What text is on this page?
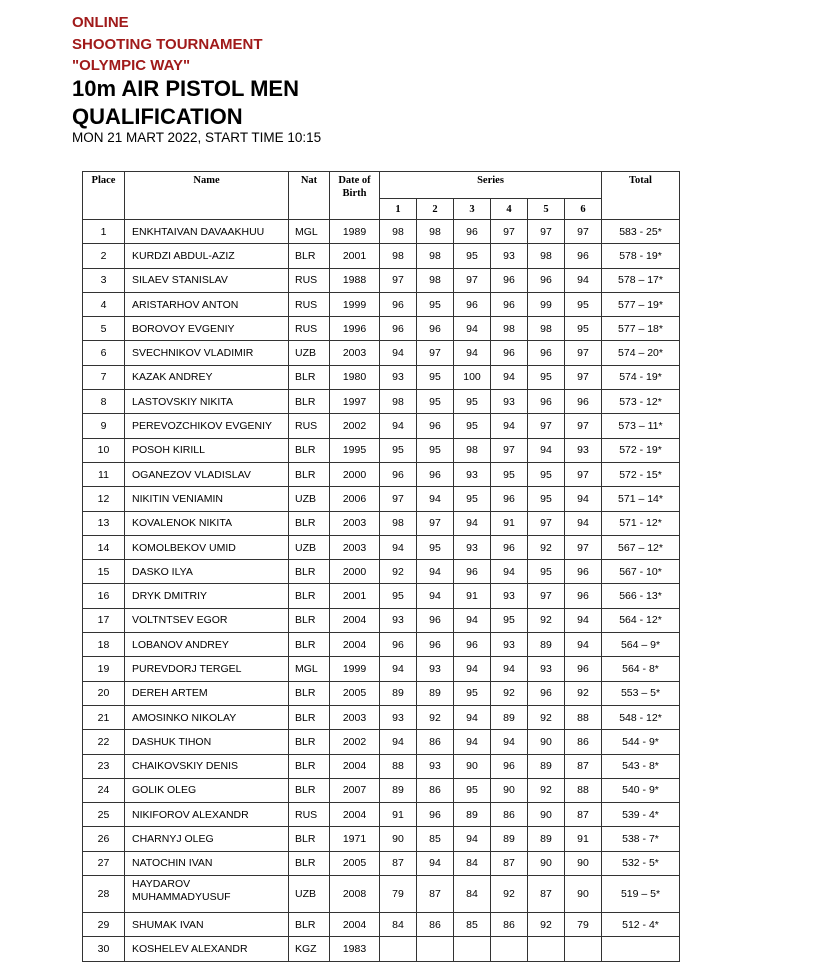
ONLINE
SHOOTING TOURNAMENT
"OLYMPIC WAY"
10m AIR PISTOL MEN
QUALIFICATION
MON 21 MART 2022, START TIME 10:15
Place	Name	Nat	Date of Birth	Series						Total
				1	2	3	4	5	6	
1	ENKHTAIVAN DAVAAKHUU	MGL	1989	98	98	96	97	97	97	583 - 25*
2	KURDZI ABDUL-AZIZ	BLR	2001	98	98	95	93	98	96	578 - 19*
3	SILAEV STANISLAV	RUS	1988	97	98	97	96	96	94	578 – 17*
4	ARISTARHOV ANTON	RUS	1999	96	95	96	96	99	95	577 – 19*
5	BOROVOY EVGENIY	RUS	1996	96	96	94	98	98	95	577 – 18*
6	SVECHNIKOV VLADIMIR	UZB	2003	94	97	94	96	96	97	574 – 20*
7	KAZAK ANDREY	BLR	1980	93	95	100	94	95	97	574 - 19*
8	LASTOVSKIY NIKITA	BLR	1997	98	95	95	93	96	96	573 - 12*
9	PEREVOZCHIKOV EVGENIY	RUS	2002	94	96	95	94	97	97	573 – 11*
10	POSOH KIRILL	BLR	1995	95	95	98	97	94	93	572 - 19*
11	OGANEZOV VLADISLAV	BLR	2000	96	96	93	95	95	97	572 - 15*
12	NIKITIN VENIAMIN	UZB	2006	97	94	95	96	95	94	571 – 14*
13	KOVALENOK NIKITA	BLR	2003	98	97	94	91	97	94	571 - 12*
14	KOMOLBEKOV UMID	UZB	2003	94	95	93	96	92	97	567 – 12*
15	DASKO ILYA	BLR	2000	92	94	96	94	95	96	567 - 10*
16	DRYK DMITRIY	BLR	2001	95	94	91	93	97	96	566 - 13*
17	VOLTNTSEV EGOR	BLR	2004	93	96	94	95	92	94	564 - 12*
18	LOBANOV ANDREY	BLR	2004	96	96	96	93	89	94	564 – 9*
19	PUREVDORJ TERGEL	MGL	1999	94	93	94	94	93	96	564 - 8*
20	DEREH ARTEM	BLR	2005	89	89	95	92	96	92	553 – 5*
21	AMOSINKO NIKOLAY	BLR	2003	93	92	94	89	92	88	548 - 12*
22	DASHUK TIHON	BLR	2002	94	86	94	94	90	86	544 - 9*
23	CHAIKOVSKIY DENIS	BLR	2004	88	93	90	96	89	87	543 - 8*
24	GOLIK OLEG	BLR	2007	89	86	95	90	92	88	540 - 9*
25	NIKIFOROV ALEXANDR	RUS	2004	91	96	89	86	90	87	539 - 4*
26	CHARNYJ OLEG	BLR	1971	90	85	94	89	89	91	538 - 7*
27	NATOCHIN IVAN	BLR	2005	87	94	84	87	90	90	532 - 5*
28	HAYDAROV
MUHAMMADYUSUF	UZB	2008	79	87	84	92	87	90	519 – 5*
29	SHUMAK IVAN	BLR	2004	84	86	85	86	92	79	512 - 4*
30	KOSHELEV ALEXANDR	KGZ	1983							
